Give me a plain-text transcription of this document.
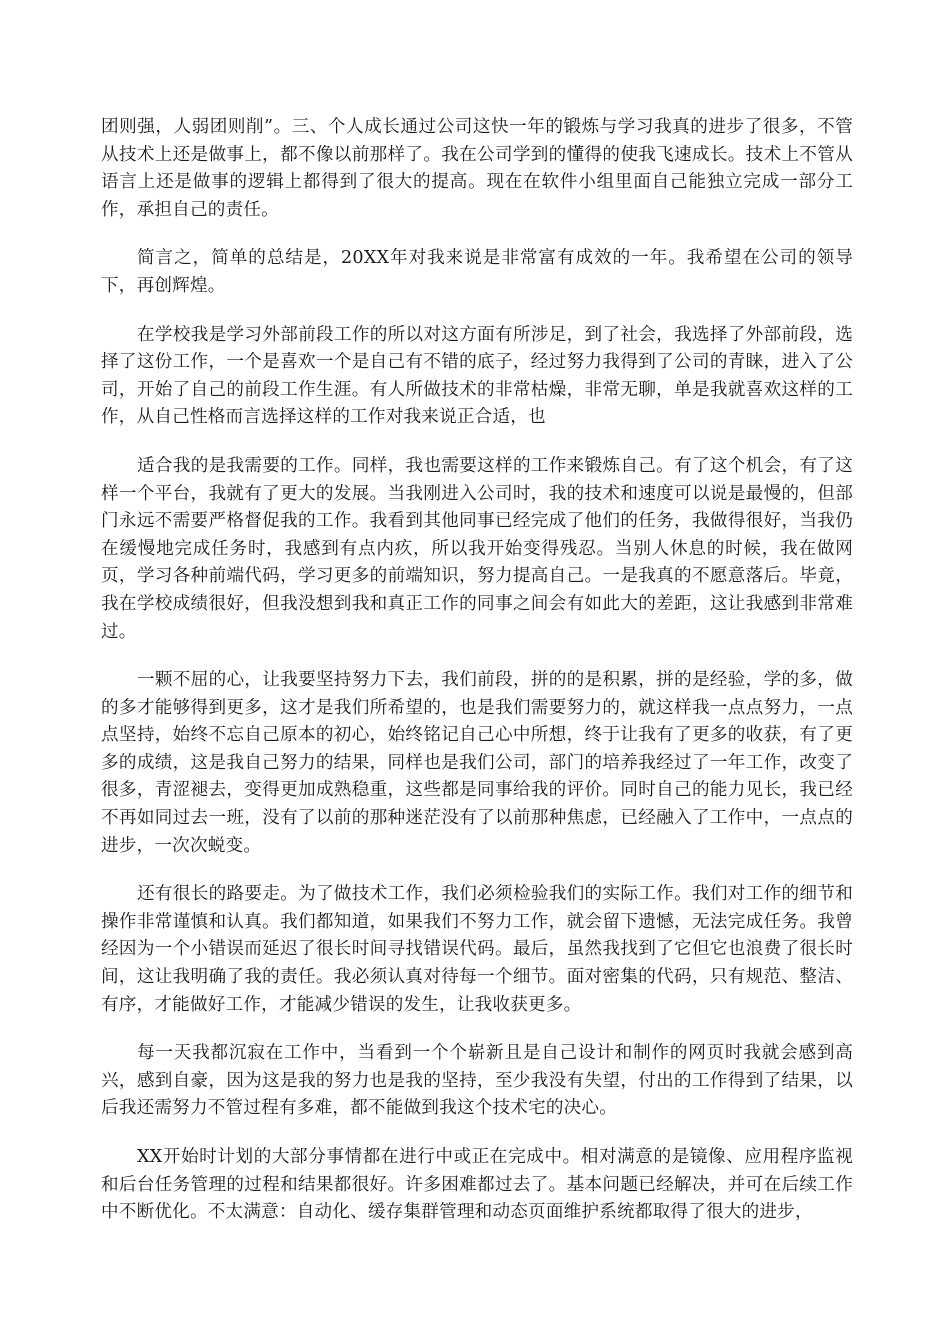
团则强，人弱团则削”。三、个人成长通过公司这快一年的锻炼与学习我真的进步了很多，不管从技术上还是做事上，都不像以前那样了。我在公司学到的懂得的使我飞速成长。技术上不管从语言上还是做事的逻辑上都得到了很大的提高。现在在软件小组里面自己能独立完成一部分工作，承担自己的责任。

简言之，简单的总结是，20XX年对我来说是非常富有成效的一年。我希望在公司的领导下，再创辉煌。

在学校我是学习外部前段工作的所以对这方面有所涉足，到了社会，我选择了外部前段，选择了这份工作，一个是喜欢一个是自己有不错的底子，经过努力我得到了公司的青睐，进入了公司，开始了自己的前段工作生涯。有人所做技术的非常枯燥，非常无聊，单是我就喜欢这样的工作，从自己性格而言选择这样的工作对我来说正合适，也

适合我的是我需要的工作。同样，我也需要这样的工作来锻炼自己。有了这个机会，有了这样一个平台，我就有了更大的发展。当我刚进入公司时，我的技术和速度可以说是最慢的，但部门永远不需要严格督促我的工作。我看到其他同事已经完成了他们的任务，我做得很好，当我仍在缓慢地完成任务时，我感到有点内疚，所以我开始变得残忍。当别人休息的时候，我在做网页，学习各种前端代码，学习更多的前端知识，努力提高自己。一是我真的不愿意落后。毕竟，我在学校成绩很好，但我没想到我和真正工作的同事之间会有如此大的差距，这让我感到非常难过。

一颗不屈的心，让我要坚持努力下去，我们前段，拼的的是积累，拼的是经验，学的多，做的多才能够得到更多，这才是我们所希望的，也是我们需要努力的，就这样我一点点努力，一点点坚持，始终不忘自己原本的初心，始终铭记自己心中所想，终于让我有了更多的收获，有了更多的成绩，这是我自己努力的结果，同样也是我们公司，部门的培养我经过了一年工作，改变了很多，青涩褪去，变得更加成熟稳重，这些都是同事给我的评价。同时自己的能力见长，我已经不再如同过去一班，没有了以前的那种迷茫没有了以前那种焦虑，已经融入了工作中，一点点的进步，一次次蜕变。

还有很长的路要走。为了做技术工作，我们必须检验我们的实际工作。我们对工作的细节和操作非常谨慎和认真。我们都知道，如果我们不努力工作，就会留下遗憾，无法完成任务。我曾经因为一个小错误而延迟了很长时间寻找错误代码。最后，虽然我找到了它但它也浪费了很长时间，这让我明确了我的责任。我必须认真对待每一个细节。面对密集的代码，只有规范、整洁、有序，才能做好工作，才能减少错误的发生，让我收获更多。

每一天我都沉寂在工作中，当看到一个个崭新且是自己设计和制作的网页时我就会感到高兴，感到自豪，因为这是我的努力也是我的坚持，至少我没有失望，付出的工作得到了结果，以后我还需努力不管过程有多难，都不能做到我这个技术宅的决心。

XX开始时计划的大部分事情都在进行中或正在完成中。相对满意的是镜像、应用程序监视和后台任务管理的过程和结果都很好。许多困难都过去了。基本问题已经解决，并可在后续工作中不断优化。不太满意：自动化、缓存集群管理和动态页面维护系统都取得了很大的进步，
